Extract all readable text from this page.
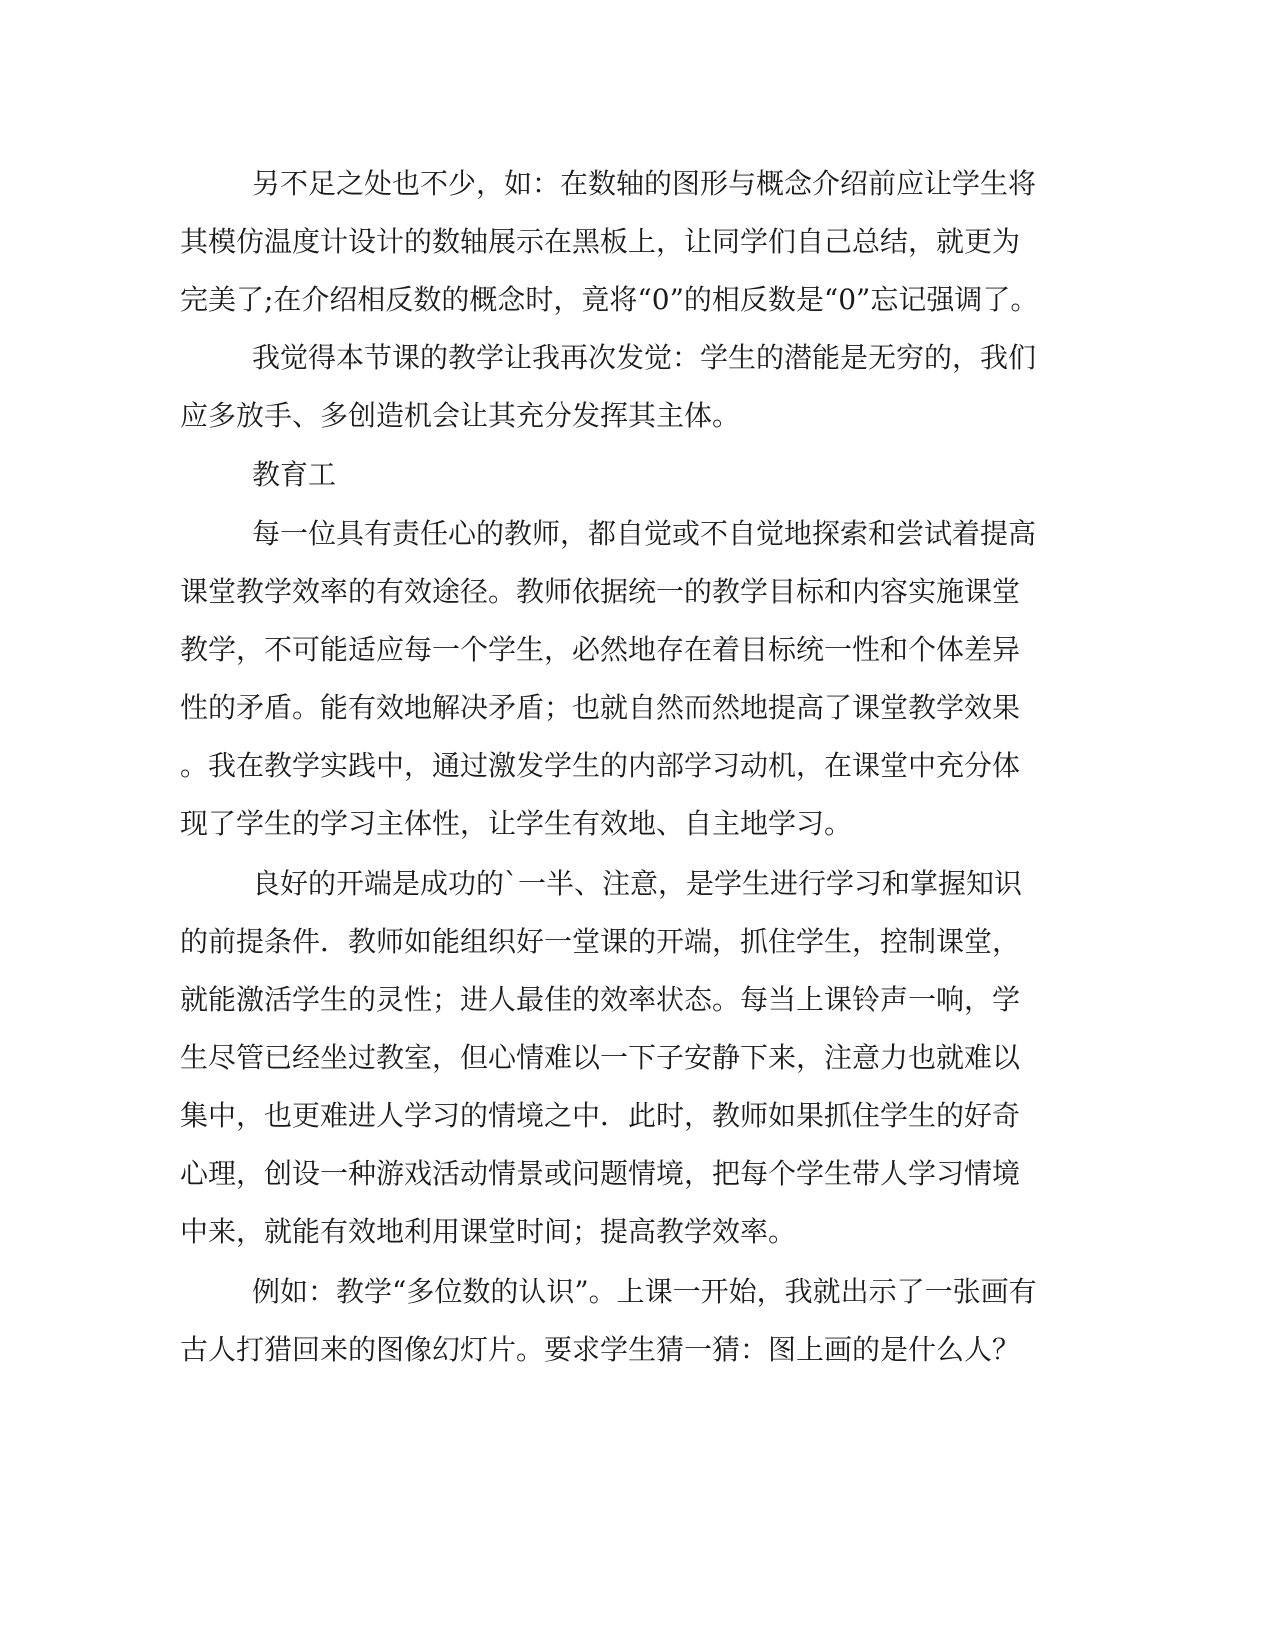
另不足之处也不少，如：在数轴的图形与概念介绍前应让学生将
其模仿温度计设计的数轴展示在黑板上，让同学们自己总结，就更为
完美了;在介绍相反数的概念时，竟将“0”的相反数是“0”忘记强调了。
我觉得本节课的教学让我再次发觉：学生的潜能是无穷的，我们
应多放手、多创造机会让其充分发挥其主体。
教育工
每一位具有责任心的教师，都自觉或不自觉地探索和尝试着提高
课堂教学效率的有效途径。教师依据统一的教学目标和内容实施课堂
教学，不可能适应每一个学生，必然地存在着目标统一性和个体差异
性的矛盾。能有效地解决矛盾；也就自然而然地提高了课堂教学效果
。我在教学实践中，通过激发学生的内部学习动机，在课堂中充分体
现了学生的学习主体性，让学生有效地、自主地学习。
良好的开端是成功的`一半、注意，是学生进行学习和掌握知识
的前提条件．教师如能组织好一堂课的开端，抓住学生，控制课堂，
就能激活学生的灵性；进人最佳的效率状态。每当上课铃声一响，学
生尽管已经坐过教室，但心情难以一下子安静下来，注意力也就难以
集中，也更难进人学习的情境之中．此时，教师如果抓住学生的好奇
心理，创设一种游戏活动情景或问题情境，把每个学生带人学习情境
中来，就能有效地利用课堂时间；提高教学效率。
例如：教学“多位数的认识”。上课一开始，我就出示了一张画有
古人打猎回来的图像幻灯片。要求学生猜一猜：图上画的是什么人？
